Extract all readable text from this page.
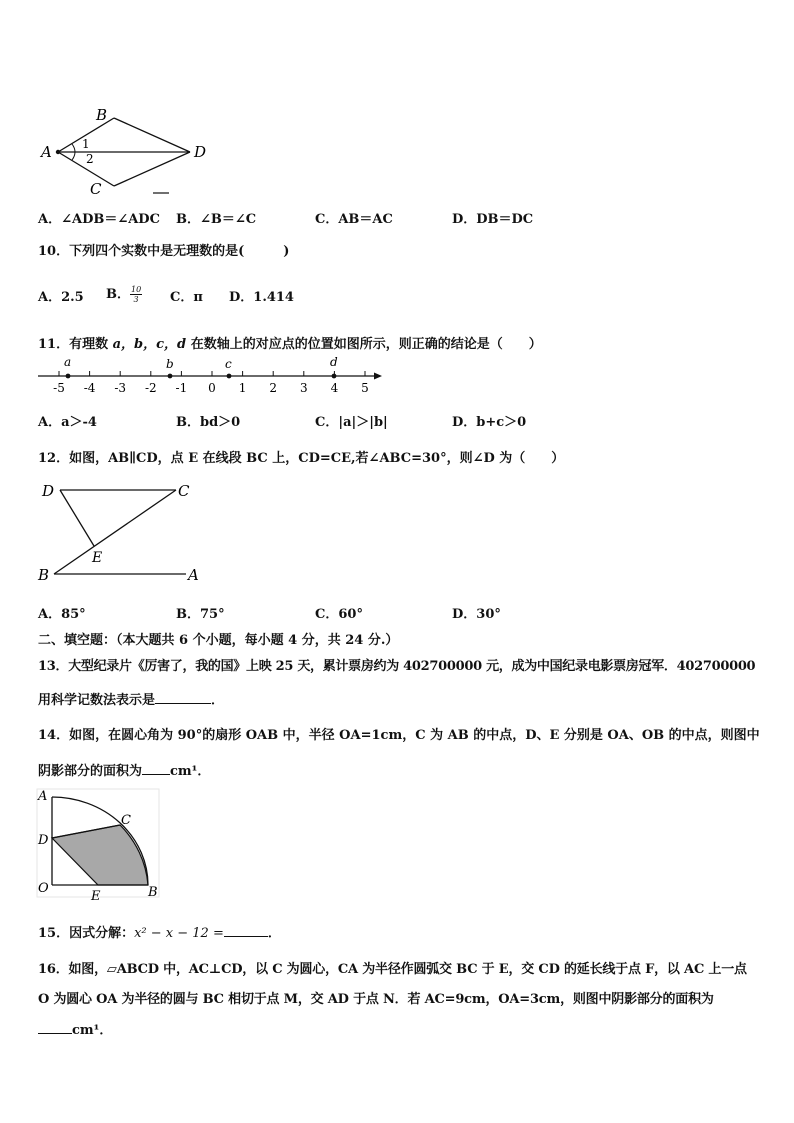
B
A	D
C
1
2
A．∠ADB＝∠ADC B．∠B＝∠C	C．AB＝AC	D．DB＝DC
10．下列四个实数中是无理数的是(　　　)
A．2.5 B． $\frac{10}{3}$ C．π D．1.414
11．有理数 a，b，c，d 在数轴上的对应点的位置如图所示，则正确的结论是（　　）
-5 -4 -3 -2 -1 0 1 2 3 4 5
a	b	c	d
A．a＞-4	B．bd＞0	C．|a|＞|b|	D．b+c＞0
12．如图，AB∥CD，点 E 在线段 BC 上，CD=CE,若∠ABC=30°，则∠D 为（　　）
D	C
E
B	A
A．85°	B．75°	C．60°	D．30°
二、填空题：（本大题共 6 个小题，每小题 4 分，共 24 分.）
13．大型纪录片《厉害了，我的国》上映 25 天，累计票房约为 402700000 元，成为中国纪录电影票房冠军．402700000
用科学记数法表示是	．
14．如图，在圆心角为 90°的扇形 OAB 中，半径 OA=1cm，C 为 AB 的中点，D、E 分别是 OA、OB 的中点，则图中
阴影部分的面积为 cm¹．
A
C
D
O
E	B
15．因式分解：x² − x − 12 =	．
16．如图，▱ABCD 中，AC⊥CD，以 C 为圆心，CA 为半径作圆弧交 BC 于 E，交 CD 的延长线于点 F，以 AC 上一点
O 为圆心 OA 为半径的圆与 BC 相切于点 M，交 AD 于点 N．若 AC=9cm，OA=3cm，则图中阴影部分的面积为
cm¹．
